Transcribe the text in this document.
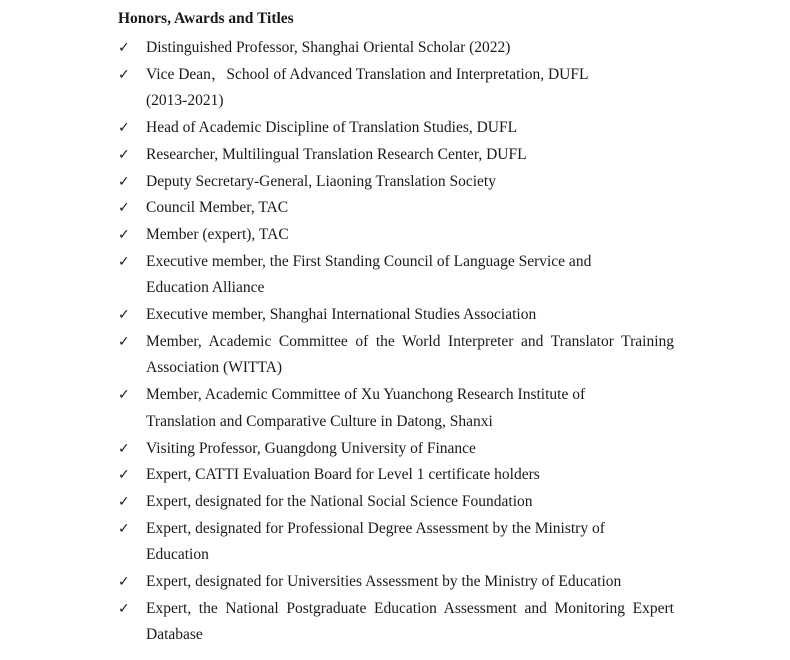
Honors, Awards and Titles
✓	Distinguished Professor, Shanghai Oriental Scholar (2022)
✓	Vice Dean，School of Advanced Translation and Interpretation, DUFL
(2013-2021)
✓	Head of Academic Discipline of Translation Studies, DUFL
✓	Researcher, Multilingual Translation Research Center, DUFL
✓	Deputy Secretary-General, Liaoning Translation Society
✓	Council Member, TAC
✓	Member (expert), TAC
✓	Executive member, the First Standing Council of Language Service and
Education Alliance
✓	Executive member, Shanghai International Studies Association
✓	Member, Academic Committee of the World Interpreter and Translator Training Association (WITTA)
✓	Member, Academic Committee of Xu Yuanchong Research Institute of
Translation and Comparative Culture in Datong, Shanxi
✓	Visiting Professor, Guangdong University of Finance
✓	Expert, CATTI Evaluation Board for Level 1 certificate holders
✓	Expert, designated for the National Social Science Foundation
✓	Expert, designated for Professional Degree Assessment by the Ministry of
Education
✓	Expert, designated for Universities Assessment by the Ministry of Education
✓	Expert, the National Postgraduate Education Assessment and Monitoring Expert Database
